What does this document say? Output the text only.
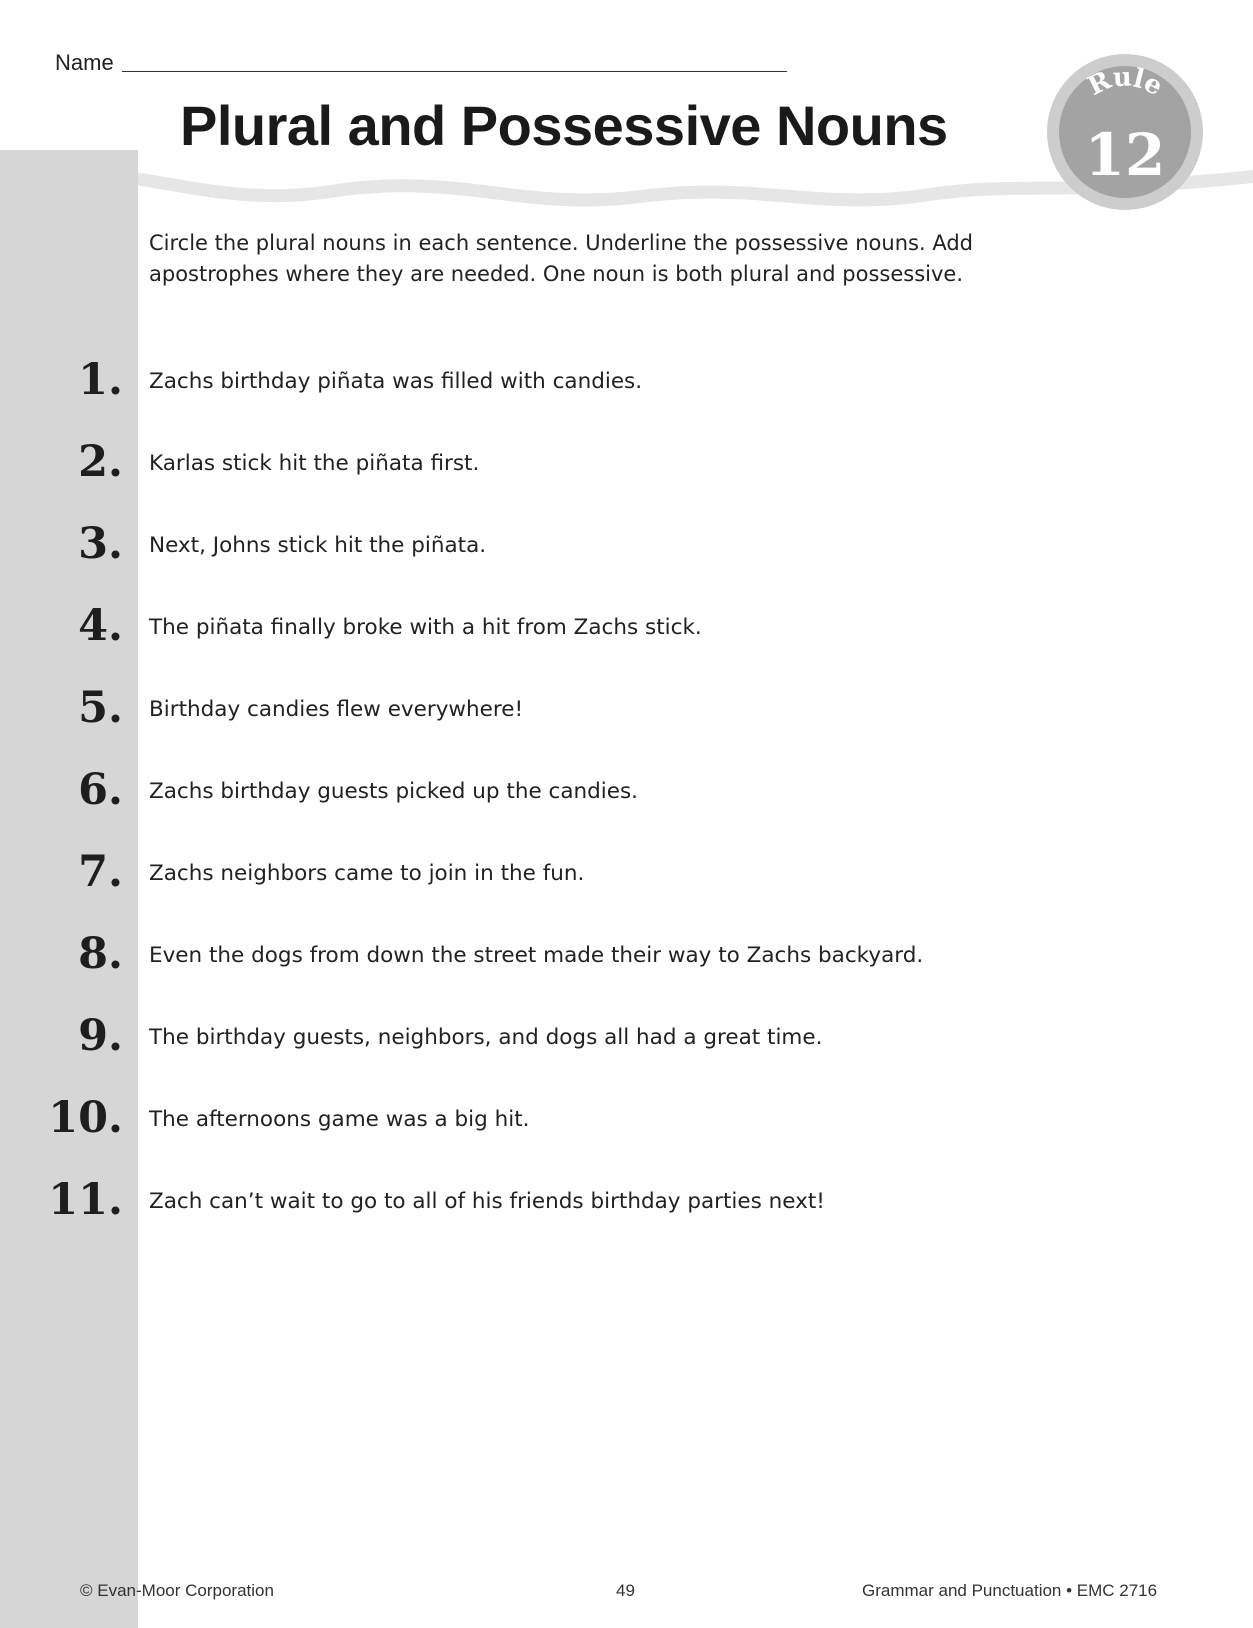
Name
Plural and Possessive Nouns
Rule
12

Circle the plural nouns in each sentence. Underline the possessive nouns. Add apostrophes where they are needed. One noun is both plural and possessive.

1. Zachs birthday piñata was filled with candies.
2. Karlas stick hit the piñata first.
3. Next, Johns stick hit the piñata.
4. The piñata finally broke with a hit from Zachs stick.
5. Birthday candies flew everywhere!
6. Zachs birthday guests picked up the candies.
7. Zachs neighbors came to join in the fun.
8. Even the dogs from down the street made their way to Zachs backyard.
9. The birthday guests, neighbors, and dogs all had a great time.
10. The afternoons game was a big hit.
11. Zach can’t wait to go to all of his friends birthday parties next!
© Evan-Moor Corporation	49	Grammar and Punctuation • EMC 2716
